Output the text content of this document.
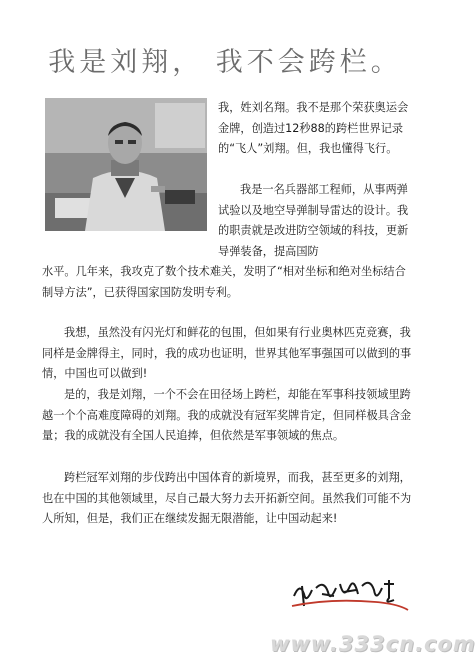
我是刘翔， 我不会跨栏。

我，姓刘名翔。我不是那个荣获奥运会金牌，创造过12秒88的跨栏世界记录的“飞人”刘翔。但，我也懂得飞行。

我是一名兵器部工程师，从事两弹试验以及地空导弹制导雷达的设计。我的职责就是改进防空领域的科技，更新导弹装备，提高国防

水平。几年来，我攻克了数个技术难关，发明了“相对坐标和绝对坐标结合制导方法”，已获得国家国防发明专利。

我想，虽然没有闪光灯和鲜花的包围，但如果有行业奥林匹克竞赛，我同样是金牌得主，同时，我的成功也证明，世界其他军事强国可以做到的事情，中国也可以做到!

是的，我是刘翔，一个不会在田径场上跨栏，却能在军事科技领域里跨越一个个高难度障碍的刘翔。我的成就没有冠军奖牌肯定，但同样极具含金量；我的成就没有全国人民追捧，但依然是军事领域的焦点。

跨栏冠军刘翔的步伐跨出中国体育的新境界，而我，甚至更多的刘翔，也在中国的其他领域里，尽自己最大努力去开拓新空间。虽然我们可能不为人所知，但是，我们正在继续发掘无限潜能，让中国动起来!

www.333cn.com
